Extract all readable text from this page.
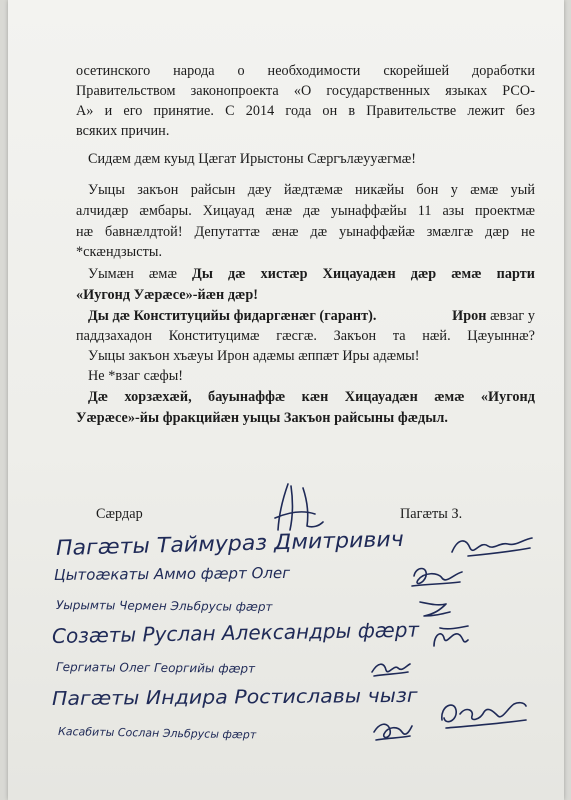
осетинского народа о необходимости скорейшей доработки
Правительством законопроекта «О государственных языках РСО-
А» и его принятие. С 2014 года он в Правительстве лежит без
всяких причин.
Сидæм дæм куыд Цæгат Ирыстоны Сæргълæууæгмæ!
Уыцы закъон райсын дæу йæдтæмæ никæйы бон у æмæ уый
алчидæр æмбары. Хицауад æнæ дæ уынаффæйы 11 азы проектмæ
нæ бавнæлдтой! Депутаттæ æнæ дæ уынаффæйæ змæлгæ дæр не
*скæндзысты.
Уымæн æмæ Ды дæ хистæр Хицауадæн дæр æмæ парти
«Иугонд Уæрæсе»-йæн дæр!
Ды дæ Конституцийы фидаргæнæг (гарант).	Ирон æвзаг у
паддзахадон Конституцимæ гæсгæ. Закъон та нæй. Цæуыннæ?
Уыцы закъон хъæуы Ирон адæмы æппæт Иры адæмы!
Не *взаг сæфы!
Дæ хорзæхæй, бауынаффæ кæн Хицауадæн æмæ «Иугонд
Уæрæсе»-йы фракцийæн уыцы Закъон райсыны фæдыл.
Сæрдар	Пагæты З.
Пагæты Таймураз Дмитривич
Цытоæкаты Аммо фæрт Олег
Уырымты Чермен Эльбрусы фæрт
Созæты Руслан Александры фæрт
Гергиаты Олег Георгийы фæрт
Пагæты Индира Ростиславы чызг
Касабиты Сослан Эльбрусы фæрт
